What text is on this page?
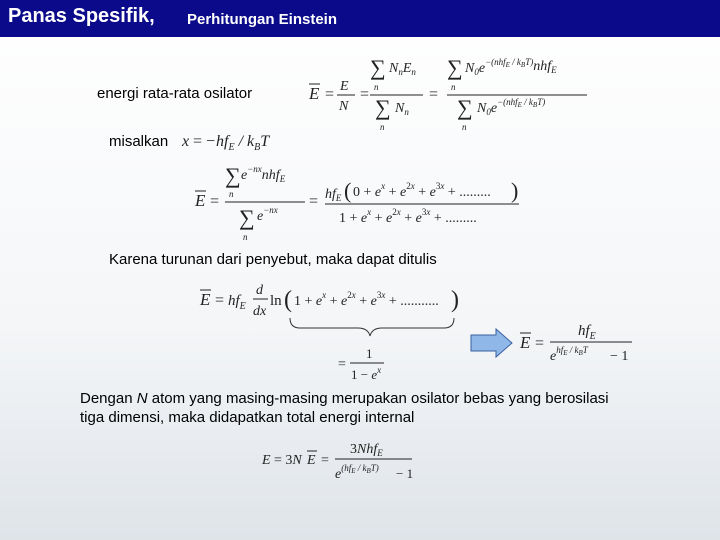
Panas Spesifik, Perhitungan Einstein
energi rata-rata osilator	E = E
N
=
∑ $N_nE_n$
n
∑ $N_n$
n
=
∑ $N_0e^{-(nhf}E / kBT)nhf_E$
n
∑ $N_0e^{-(nhf}E / kBT$)
n
misalkan x = − $hf_E / k_BT$
E =
∑ $e^{-nx}nhf_E$
n
∑ $e^{-nx}$
n
= $hf_E$ ( $0 + e^x + e^{2x} + e^{3x}$ + ......... )
$1 + e^x + e^{2x} + e^{3x}$ + .........
Karena turunan dari penyebut, maka dapat ditulis
$E = hf_E$
d
dx
ln ( $1 + e^x + e^{2x} + e^{3x}$ + ........... )
=
1
$1 - e^x$
E =
$hf_E$
$e^{hf_E / k_BT} - 1$
Dengan N atom yang masing-masing merupakan osilator bebas yang berosilasi
tiga dimensi, maka didapatkan total energi internal
E = 3N E =
3Nhf$_E$
$e^{(hf_E / k_BT)} - 1$
